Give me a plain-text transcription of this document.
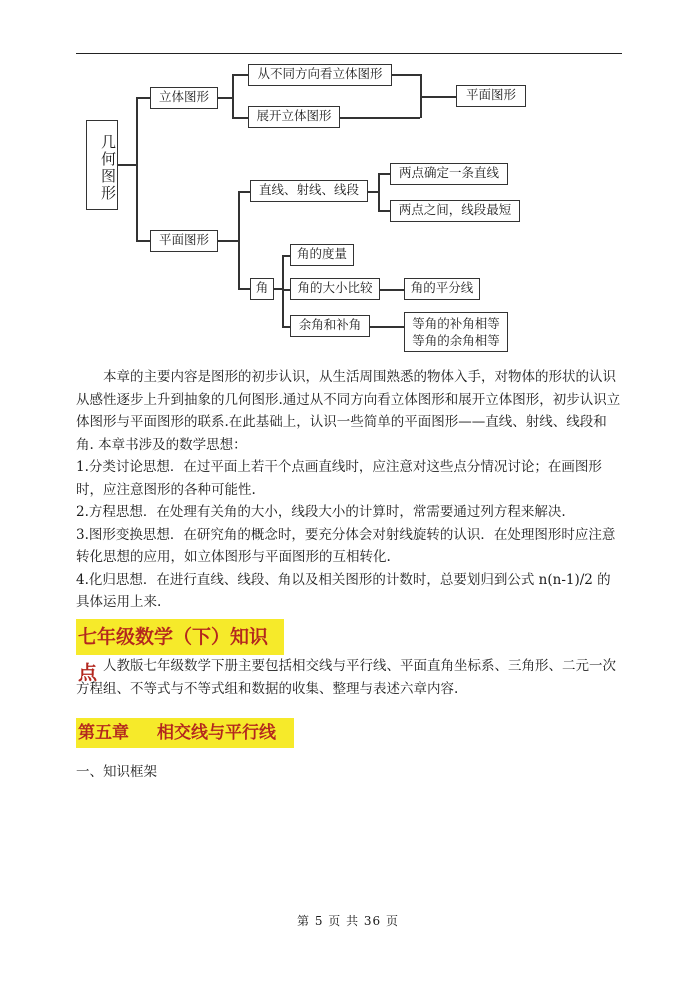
几何图形
立体图形
从不同方向看立体图形
展开立体图形
平面图形
平面图形
直线、射线、线段
两点确定一条直线
两点之间，线段最短
角
角的度量
角的大小比较	角的平分线
余角和补角	等角的补角相等
等角的余角相等

本章的主要内容是图形的初步认识，从生活周围熟悉的物体入手，对物体的形状的认识从感性逐步上升到抽象的几何图形.通过从不同方向看立体图形和展开立体图形，初步认识立体图形与平面图形的联系.在此基础上，认识一些简单的平面图形——直线、射线、线段和角. 本章书涉及的数学思想：

1.分类讨论思想．在过平面上若干个点画直线时，应注意对这些点分情况讨论；在画图形时，应注意图形的各种可能性.

2.方程思想．在处理有关角的大小，线段大小的计算时，常需要通过列方程来解决.

3.图形变换思想．在研究角的概念时，要充分体会对射线旋转的认识．在处理图形时应注意转化思想的应用，如立体图形与平面图形的互相转化.

4.化归思想．在进行直线、线段、角以及相关图形的计数时，总要划归到公式 n(n-1)/2 的具体运用上来.

七年级数学（下）知识点 人教版七年级数学下册主要包括相交线与平行线、平面直角坐标系、三角形、二元一次方程组、不等式与不等式组和数据的收集、整理与表述六章内容.

第五章 相交线与平行线
一、知识框架
第 5 页 共 36 页
